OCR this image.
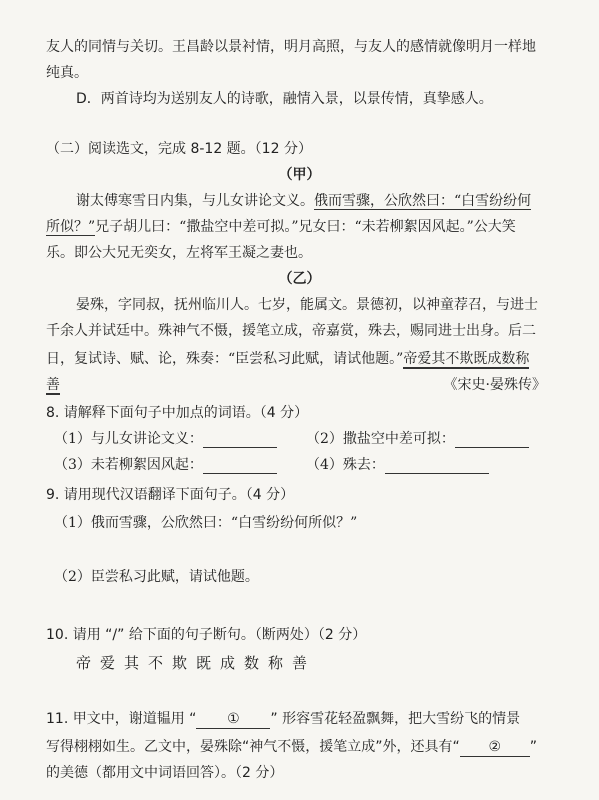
友人的同情与关切。王昌龄以景衬情，明月高照，与友人的感情就像明月一样地
纯真。
D．两首诗均为送别友人的诗歌，融情入景，以景传情，真挚感人。
（二）阅读选文，完成 8-12 题。（12 分）
（甲）
谢太傅寒雪日内集，与儿女讲论文义。俄而雪骤，公欣然曰：“白雪纷纷何
所似？”兄子胡儿曰：“撒盐空中差可拟。”兄女曰：“未若柳絮因风起。”公大笑
乐。即公大兄无奕女，左将军王凝之妻也。
（乙）
晏殊，字同叔，抚州临川人。七岁，能属文。景德初，以神童荐召，与进士
千余人并试廷中。殊神气不慑，援笔立成，帝嘉赏，殊去，赐同进士出身。后二
日，复试诗、赋、论，殊奏：“臣尝私习此赋，请试他题。”帝爱其不欺既成数称
善	《宋史·晏殊传》
8. 请解释下面句子中加点的词语。（4 分）
（1）与儿女讲论文义：	（2）撒盐空中差可拟：
（3）未若柳絮因风起：	（4）殊去：
9. 请用现代汉语翻译下面句子。（4 分）
（1）俄而雪骤，公欣然曰：“白雪纷纷何所似？”
（2）臣尝私习此赋，请试他题。
10. 请用 “/” 给下面的句子断句。（断两处）（2 分）
帝爱其不欺既成数称善
11. 甲文中，谢道韫用 “ ① ” 形容雪花轻盈飘舞，把大雪纷飞的情景
写得栩栩如生。乙文中，晏殊除“神气不慑，援笔立成”外，还具有“ ② ”
的美德（都用文中词语回答）。（2 分）
